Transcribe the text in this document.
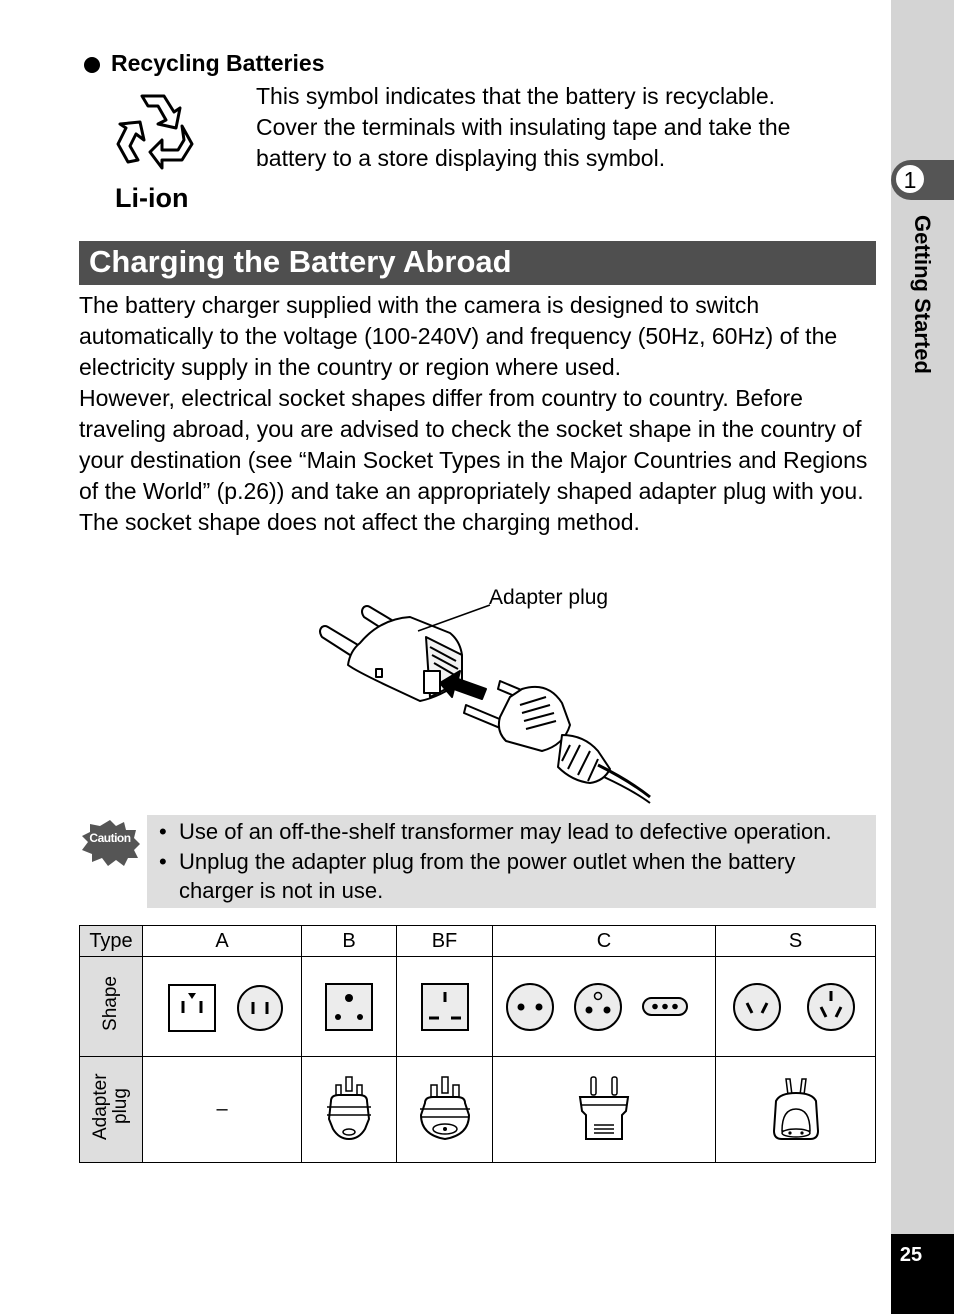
1
Getting Started
25
Recycling Batteries
Li-ion
This symbol indicates that the battery is recyclable.
Cover the terminals with insulating tape and take the
battery to a store displaying this symbol.
Charging the Battery Abroad

The battery charger supplied with the camera is designed to switch automatically to the voltage (100-240V) and frequency (50Hz, 60Hz) of the electricity supply in the country or region where used.

However, electrical socket shapes differ from country to country. Before traveling abroad, you are advised to check the socket shape in the country of your destination (see “Main Socket Types in the Major Countries and Regions of the World” (p.26)) and take an appropriately shaped adapter plug with you.

The socket shape does not affect the charging method.

Adapter plug
Caution	• Use of an off-the-shelf transformer may lead to defective operation.
• Unplug the adapter plug from the power outlet when the battery charger is not in use.
Type	A	B	BF	C	S
Shape					
Adapter plug	–				
